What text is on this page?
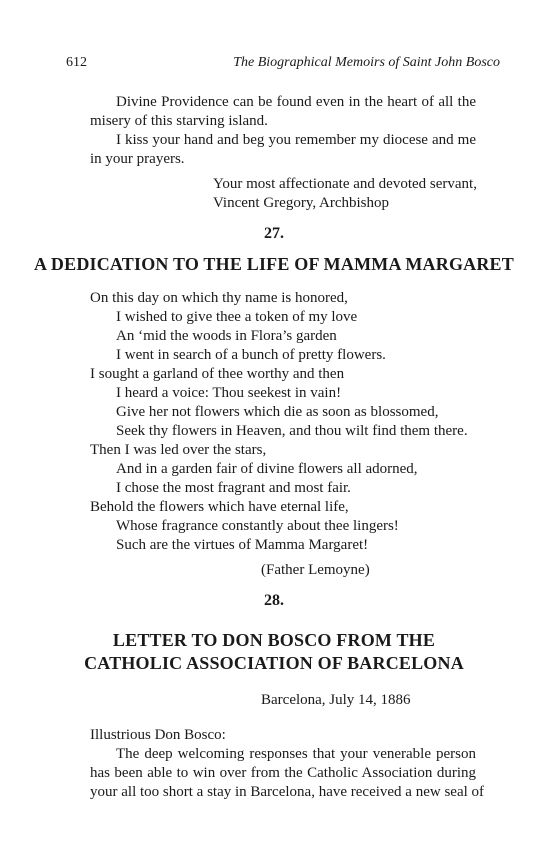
612	The Biographical Memoirs of Saint John Bosco
Divine Providence can be found even in the heart of all the
misery of this starving island.
I kiss your hand and beg you remember my diocese and me
in your prayers.
Your most affectionate and devoted servant,
Vincent Gregory, Archbishop
27.
A DEDICATION TO THE LIFE OF MAMMA MARGARET
On this day on which thy name is honored,
I wished to give thee a token of my love
An ‘mid the woods in Flora’s garden
I went in search of a bunch of pretty flowers.
I sought a garland of thee worthy and then
I heard a voice: Thou seekest in vain!
Give her not flowers which die as soon as blossomed,
Seek thy flowers in Heaven, and thou wilt find them there.
Then I was led over the stars,
And in a garden fair of divine flowers all adorned,
I chose the most fragrant and most fair.
Behold the flowers which have eternal life,
Whose fragrance constantly about thee lingers!
Such are the virtues of Mamma Margaret!
(Father Lemoyne)
28.
LETTER TO DON BOSCO FROM THE
CATHOLIC ASSOCIATION OF BARCELONA
Barcelona, July 14, 1886
Illustrious Don Bosco:
The deep welcoming responses that your venerable person
has been able to win over from the Catholic Association during
your all too short a stay in Barcelona, have received a new seal of
